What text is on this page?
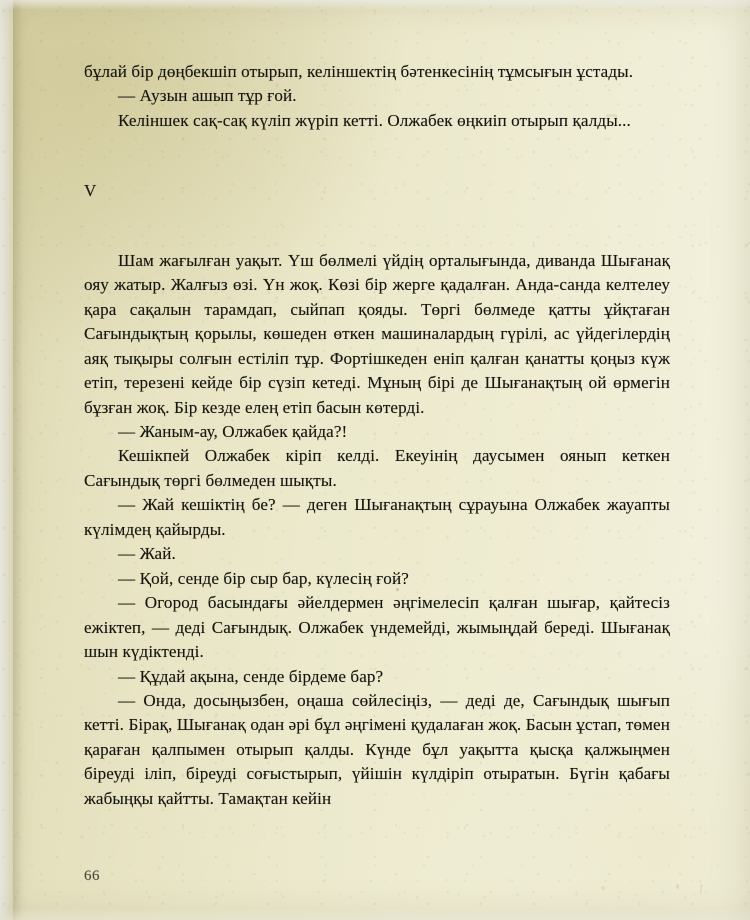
бұлай бір дөңбекшіп отырып, келіншектің бәтенкесінің тұмсығын ұстады.

— Аузын ашып тұр ғой.

Келіншек сақ-сақ күліп жүріп кетті. Олжабек өңкиіп отырып қалды...

V

Шам жағылған уақыт. Үш бөлмелі үйдің орталығында, диванда Шығанақ ояу жатыр. Жалғыз өзі. Үн жоқ. Көзі бір жерге қадалған. Анда-санда келтелеу қара сақалын тарамдап, сыйпап қояды. Төргі бөлмеде қатты ұйқтаған Сағындықтың қорылы, көшеден өткен машиналардың гүрілі, ас үйдегілердің аяқ тықыры солғын естіліп тұр. Фортішкеден еніп қалған қанатты қоңыз күж етіп, терезені кейде бір сүзіп кетеді. Мұның бірі де Шығанақтың ой өрмегін бұзған жоқ. Бір кезде елең етіп басын көтерді.

— Жаным-ау, Олжабек қайда?!

Кешікпей Олжабек кіріп келді. Екеуінің даусымен оянып кеткен Сағындық төргі бөлмеден шықты.

— Жай кешіктің бе? — деген Шығанақтың сұрауына Олжабек жауапты күлімдең қайырды.

— Жай.

— Қой, сенде бір сыр бар, күлесің ғой?

— Огород басындағы әйелдермен әңгімелесіп қалған шығар, қайтесіз ежіктеп, — деді Сағындық. Олжабек үндемейді, жымыңдай береді. Шығанақ шын күдіктенді.

— Құдай ақына, сенде бірдеме бар?

— Онда, досыңызбен, оңаша сөйлесіңіз, — деді де, Сағындық шығып кетті. Бірақ, Шығанақ одан әрі бұл әңгімені қудалаған жоқ. Басын ұстап, төмен қараған қалпымен отырып қалды. Күнде бұл уақытта қысқа қалжыңмен біреуді іліп, біреуді соғыстырып, үйішін күлдіріп отыратын. Бүгін қабағы жабыңқы қайтты. Тамақтан кейін

66
